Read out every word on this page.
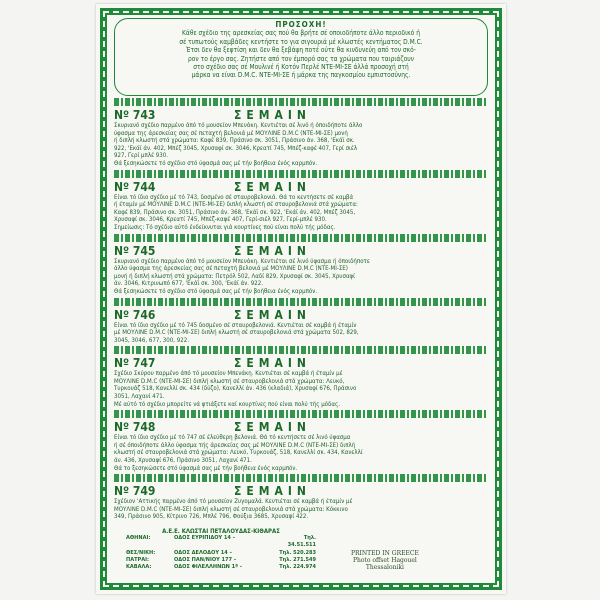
ΠΡΟΣΟΧΗ!

Κάθε σχέδιο της αρεσκείας σας πού θα βρήτε σέ οποιοδήποτε άλλο περιοδικό ή

σέ τυπωτούς καμβάδες κεντήστε το για σιγουριά μέ κλωστές κεντήματος D.M.C.

Έτσι δεν θα ξεφτίση και δεν θα ξεβάψη ποτέ ούτε θα κινδυνεύη από τον σκό-

ρον το έργο σας. Ζητήστε από τον έμπορό σας τα χρώματα που ταιριάζουν

στο σχέδιο σας σέ Μουλινέ ή Κοτόν Περλέ ΝΤΕ-ΜΙ-ΣΕ άλλά προσοχή στή

μάρκα να είναι D.M.C. ΝΤΕ-ΜΙ-ΣΕ ή μάρκα της παγκοσμίου εμπιστοσύνης.

Nº 743	ΣΕΜΑΙΝ

Σκυριανό σχέδιο παρμένο άπό τό μουσείον Μπενάκη. Κεντιέται σέ λινό ή όποιδήποτε άλλο

ύφασμα της άρεσκείας σας σέ πεταχτή βελονιά μέ ΜΟΥΛΙΝΕ D.M.C (ΝΤΕ-ΜΙ-ΣΕ) μονή

ή διπλή κλωστή στά χρώματα: Καφέ 839, Πράσινο σκ. 3051, Πράσινο άν. 368, 'Εκάϊ σκ.

922, 'Εκάϊ άν. 402, Μπέζ 3045, Χρυσαφί σκ. 3046, Κρεατί 745, Μπέζ-καφέ 407, Γερί σιέλ

927, Γερί μπλέ 930.

Θά ξεσηκώσετε τό σχέδιο στό ύφασμά σας μέ τήν βοήθεια ένός καρμπόν.

Nº 744	ΣΕΜΑΙΝ

Είναι τό ίδιο σχέδιο μέ τό 743, δοσμένο σέ σταυροβελονιά. Θά το κεντήσετε σέ καμβά

ή έταμίν μέ ΜΟΥΛΙΝΕ D.M.C (ΝΤΕ-ΜΙ-ΣΕ) διπλή κλωστή σέ σταυροβελονιά στά χρώματα:

Καφέ 839, Πράσινο σκ. 3051, Πράσινο άν. 368, 'Εκάϊ σκ. 922, 'Εκάϊ άν. 402, Μπέζ 3045,

Χρυσαφί σκ. 3046, Κρεατί 745, Μπέζ-καφέ 407, Γερί-σιέλ 927, Γερί-μπλέ 930.

Σημείωσις: Τό σχέδιο αύτό ένδείκνυται γιά κουρτίνες πού είναι πολύ τής μόδας.

Nº 745	ΣΕΜΑΙΝ

Σκυριανό σχέδιο παρμένο άπό τό μουσείον Μπενάκη. Κεντιέται σέ λινό ύφασμα ή όποιδήποτε

άλλο ύφασμα της άρεσκείας σας σέ πεταχτή βελονιά μέ ΜΟΥΛΙΝΕ D.M.C (ΝΤΕ-ΜΙ-ΣΕ)

μονή ή διπλή κλωστή στά χρώματα: Πετρόλ 502, Λαδί 829, Χρυσαφί σκ. 3045, Χρυσαφί

άν. 3046, Κιτρινωπό 677, 'Εκάϊ σκ. 300, 'Εκάϊ άν. 922.

Θά ξεσηκώσετε τό σχέδιο στό ύφασμά σας μέ τήν βοήθεια ένός καρμπόν.

Nº 746	ΣΕΜΑΙΝ

Είναι τό ίδιο σχέδιο μέ τό 745 δοσμένο σέ σταυροβελονιά. Κεντιέται σέ καμβά ή έταμίν

μέ ΜΟΥΛΙΝΕ D.M.C (ΝΤΕ-ΜΙ-ΣΕ) διπλή κλωστή σέ σταυροβελονιά στά χρώματα 502, 829,

3045, 3046, 677, 300, 922.

Nº 747	ΣΕΜΑΙΝ

Σχέδιο Σκύρου παρμένο άπό τό μουσείον Μπενάκη. Κεντιέται σέ καμβά ή έταμίν μέ

ΜΟΥΛΙΝΕ D.M.C (ΝΤΕ-ΜΙ-ΣΕ) διπλή κλωστή σέ σταυροβελονιά στά χρώματα: Λευκό,

Τυρκουάζ 518, Κανελλί σκ. 434 (δύζο), Κανελλί άν. 436 (κλαδιά), Χρυσαφί 676, Πράσινο

3051, Λαχανί 471.

Μέ αύτό τό σχέδιο μπορείτε νά φτιάξετε καί κουρτίνες πού είναι πολύ τής μόδας.

Nº 748	ΣΕΜΑΙΝ

Είναι τό ίδιο σχέδιο μέ τό 747 σέ έλεύθερη βελονιά. Θά τό κεντήσετε σέ λινό ύφασμα

ή σέ όποιδήποτε άλλο ύφασμα τής άρεσκείας σας μέ ΜΟΥΛΙΝΕ D.M.C (ΝΤΕ-ΜΙ-ΣΕ) διπλή

κλωστή σέ σταυροβελονιά στά χρώματα: Λευκό, Τυρκουάζ, 518, Κανελλί σκ. 434, Κανελλί

άν. 436, Χρυσαφί 676, Πράσινο 3051, Λαχανί 471.

Θά το ξεσηκώσετε στό ύφασμά σας μέ τήν βοήθεια ένός καρμπόν.

Nº 749	ΣΕΜΑΙΝ

Σχέδιον 'Αττικής παρμένο άπό τό μουσείον Ζυγομαλά. Κεντιέται σέ καμβά ή έταμίν μέ

ΜΟΥΛΙΝΕ D.M.C (ΝΤΕ-ΜΙ-ΣΕ) διπλή κλωστή σέ σταυροβελονιά στά χρώματα: Κόκκινο

349, Πράσινο 905, Κίτρινο 726, Μπλέ 796, Φούξια 3685, Χρυσαφί 422.

Α.Ε.Ε. ΚΛΩΣΤΑΙ ΠΕΤΑΛΟΥΔΑΣ-ΚΙΘΑΡΑΣ
ΑΘΗΝΑΙ:	ΟΔΟΣ ΕΥΡΙΠΙΔΟΥ 14 –	Τηλ. 34.51.511
ΘΕΣ/ΝΙΚΗ:	ΟΔΟΣ ΔΕΛΟΔΟΥ 14 –	Τηλ. 520.283
ΠΑΤΡΑΙ:	ΟΔΟΣ ΠΑΝ/ΝΙΟΥ 177 –	Τηλ. 271.549
ΚΑΒΑΛΑ:	ΟΔΟΣ ΦΙΛΕΛΛΗΝΩΝ 1ª –	Τηλ. 224.974
PRINTED IN GREECE
Photo offset Hagouel
Thessaloniki
